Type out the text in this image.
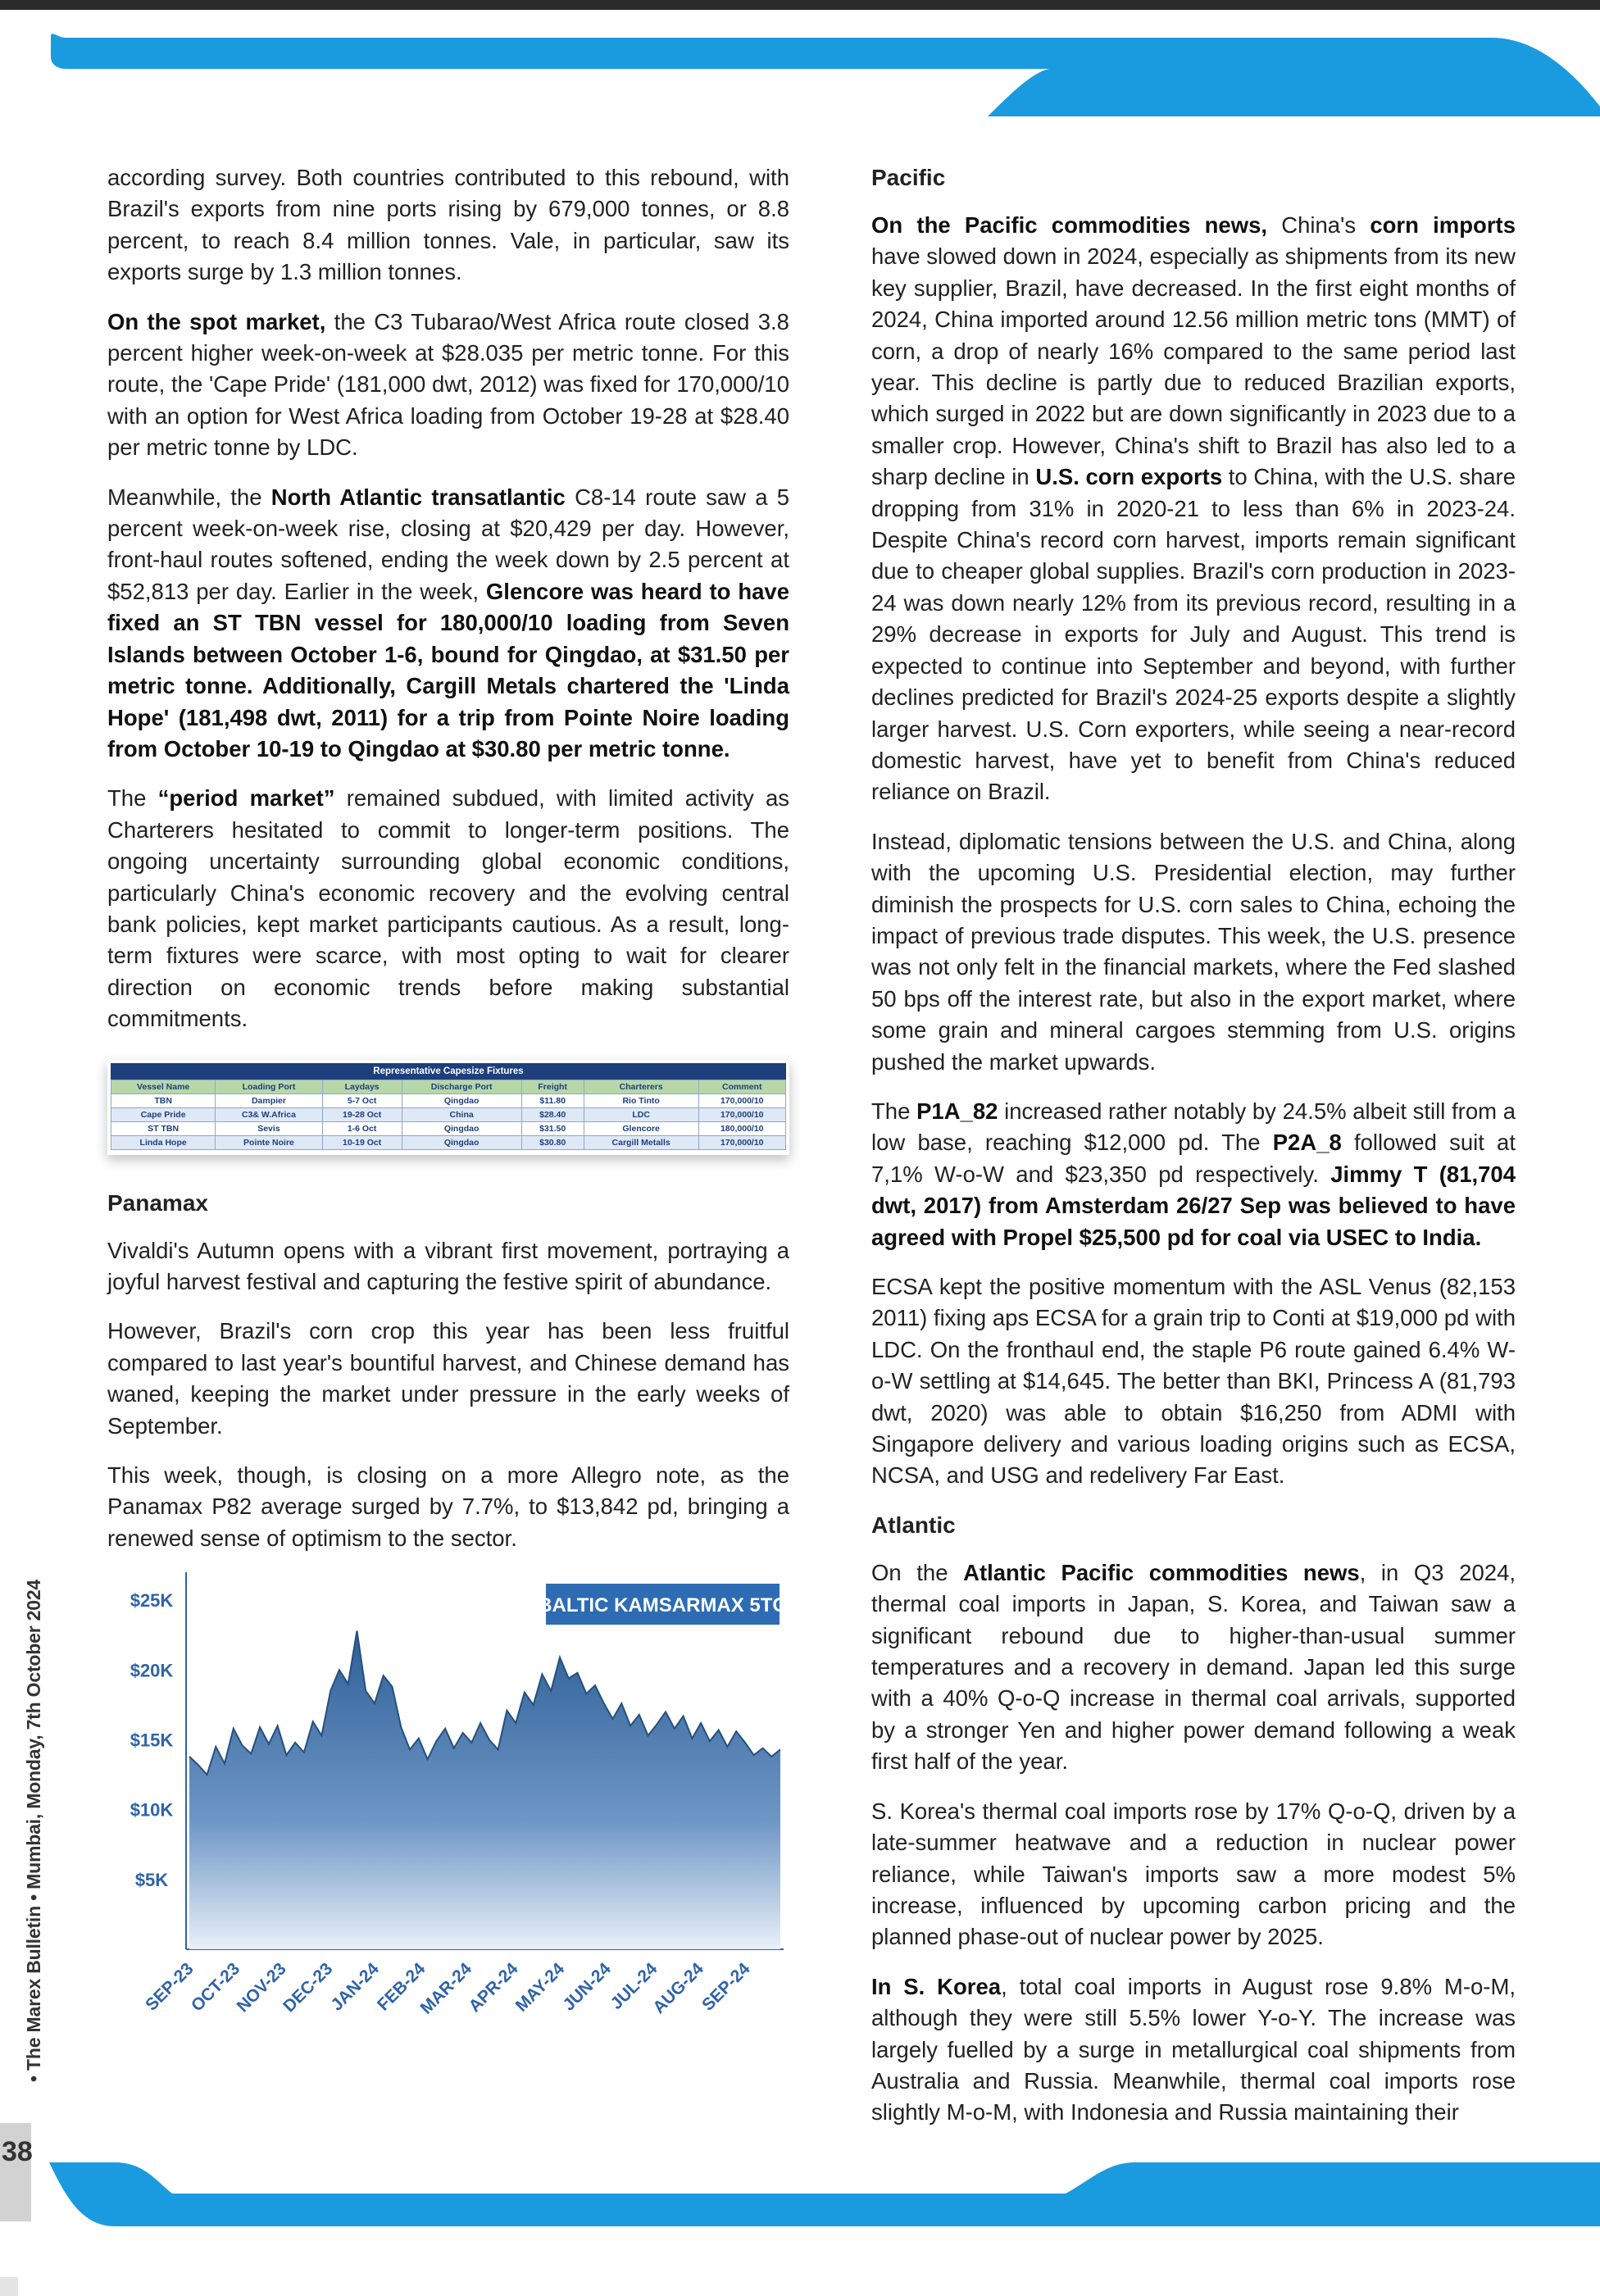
according survey. Both countries contributed to this rebound, with Brazil's exports from nine ports rising by 679,000 tonnes, or 8.8 percent, to reach 8.4 million tonnes. Vale, in particular, saw its exports surge by 1.3 million tonnes.

On the spot market, the C3 Tubarao/West Africa route closed 3.8 percent higher week-on-week at $28.035 per metric tonne. For this route, the 'Cape Pride' (181,000 dwt, 2012) was fixed for 170,000/10 with an option for West Africa loading from October 19-28 at $28.40 per metric tonne by LDC.

Meanwhile, the North Atlantic transatlantic C8-14 route saw a 5 percent week-on-week rise, closing at $20,429 per day. However, front-haul routes softened, ending the week down by 2.5 percent at $52,813 per day. Earlier in the week, Glencore was heard to have fixed an ST TBN vessel for 180,000/10 loading from Seven Islands between October 1-6, bound for Qingdao, at $31.50 per metric tonne. Additionally, Cargill Metals chartered the 'Linda Hope' (181,498 dwt, 2011) for a trip from Pointe Noire loading from October 10-19 to Qingdao at $30.80 per metric tonne.

The “period market” remained subdued, with limited activity as Charterers hesitated to commit to longer-term positions. The ongoing uncertainty surrounding global economic conditions, particularly China's economic recovery and the evolving central bank policies, kept market participants cautious. As a result, long-term fixtures were scarce, with most opting to wait for clearer direction on economic trends before making substantial commitments.

Representative Capesize Fixtures
Vessel Name	Loading Port	Laydays	Discharge Port	Freight	Charterers	Comment
TBN	Dampier	5-7 Oct	Qingdao	$11.80	Rio Tinto	170,000/10
Cape Pride	C3& W.Africa	19-28 Oct	China	$28.40	LDC	170,000/10
ST TBN	Sevis	1-6 Oct	Qingdao	$31.50	Glencore	180,000/10
Linda Hope	Pointe Noire	10-19 Oct	Qingdao	$30.80	Cargill Metalls	170,000/10
Panamax

Vivaldi's Autumn opens with a vibrant first movement, portraying a joyful harvest festival and capturing the festive spirit of abundance.

However, Brazil's corn crop this year has been less fruitful compared to last year's bountiful harvest, and Chinese demand has waned, keeping the market under pressure in the early weeks of September.

This week, though, is closing on a more Allegro note, as the Panamax P82 average surged by 7.7%, to $13,842 pd, bringing a renewed sense of optimism to the sector.

$5K
$10K
$15K
$20K
$25K
SEP-23
OCT-23
NOV-23
DEC-23
JAN-24
FEB-24
MAR-24
APR-24
MAY-24
JUN-24
JUL-24
AUG-24
SEP-24
BALTIC KAMSARMAX 5TC
Pacific

On the Pacific commodities news, China's corn imports have slowed down in 2024, especially as shipments from its new key supplier, Brazil, have decreased. In the first eight months of 2024, China imported around 12.56 million metric tons (MMT) of corn, a drop of nearly 16% compared to the same period last year. This decline is partly due to reduced Brazilian exports, which surged in 2022 but are down significantly in 2023 due to a smaller crop. However, China's shift to Brazil has also led to a sharp decline in U.S. corn exports to China, with the U.S. share dropping from 31% in 2020-21 to less than 6% in 2023-24. Despite China's record corn harvest, imports remain significant due to cheaper global supplies. Brazil's corn production in 2023-24 was down nearly 12% from its previous record, resulting in a 29% decrease in exports for July and August. This trend is expected to continue into September and beyond, with further declines predicted for Brazil's 2024-25 exports despite a slightly larger harvest. U.S. Corn exporters, while seeing a near-record domestic harvest, have yet to benefit from China's reduced reliance on Brazil.

Instead, diplomatic tensions between the U.S. and China, along with the upcoming U.S. Presidential election, may further diminish the prospects for U.S. corn sales to China, echoing the impact of previous trade disputes. This week, the U.S. presence was not only felt in the financial markets, where the Fed slashed 50 bps off the interest rate, but also in the export market, where some grain and mineral cargoes stemming from U.S. origins pushed the market upwards.

The P1A_82 increased rather notably by 24.5% albeit still from a low base, reaching $12,000 pd. The P2A_8 followed suit at 7,1% W-o-W and $23,350 pd respectively. Jimmy T (81,704 dwt, 2017) from Amsterdam 26/27 Sep was believed to have agreed with Propel $25,500 pd for coal via USEC to India.

ECSA kept the positive momentum with the ASL Venus (82,153 2011) fixing aps ECSA for a grain trip to Conti at $19,000 pd with LDC. On the fronthaul end, the staple P6 route gained 6.4% W-o-W settling at $14,645. The better than BKI, Princess A (81,793 dwt, 2020) was able to obtain $16,250 from ADMI with Singapore delivery and various loading origins such as ECSA, NCSA, and USG and redelivery Far East.

Atlantic

On the Atlantic Pacific commodities news, in Q3 2024, thermal coal imports in Japan, S. Korea, and Taiwan saw a significant rebound due to higher-than-usual summer temperatures and a recovery in demand. Japan led this surge with a 40% Q-o-Q increase in thermal coal arrivals, supported by a stronger Yen and higher power demand following a weak first half of the year.

S. Korea's thermal coal imports rose by 17% Q-o-Q, driven by a late-summer heatwave and a reduction in nuclear power reliance, while Taiwan's imports saw a more modest 5% increase, influenced by upcoming carbon pricing and the planned phase-out of nuclear power by 2025.

In S. Korea, total coal imports in August rose 9.8% M-o-M, although they were still 5.5% lower Y-o-Y. The increase was largely fuelled by a surge in metallurgical coal shipments from Australia and Russia. Meanwhile, thermal coal imports rose slightly M-o-M, with Indonesia and Russia maintaining their

• The Marex Bulletin • Mumbai, Monday, 7th October 2024
38
